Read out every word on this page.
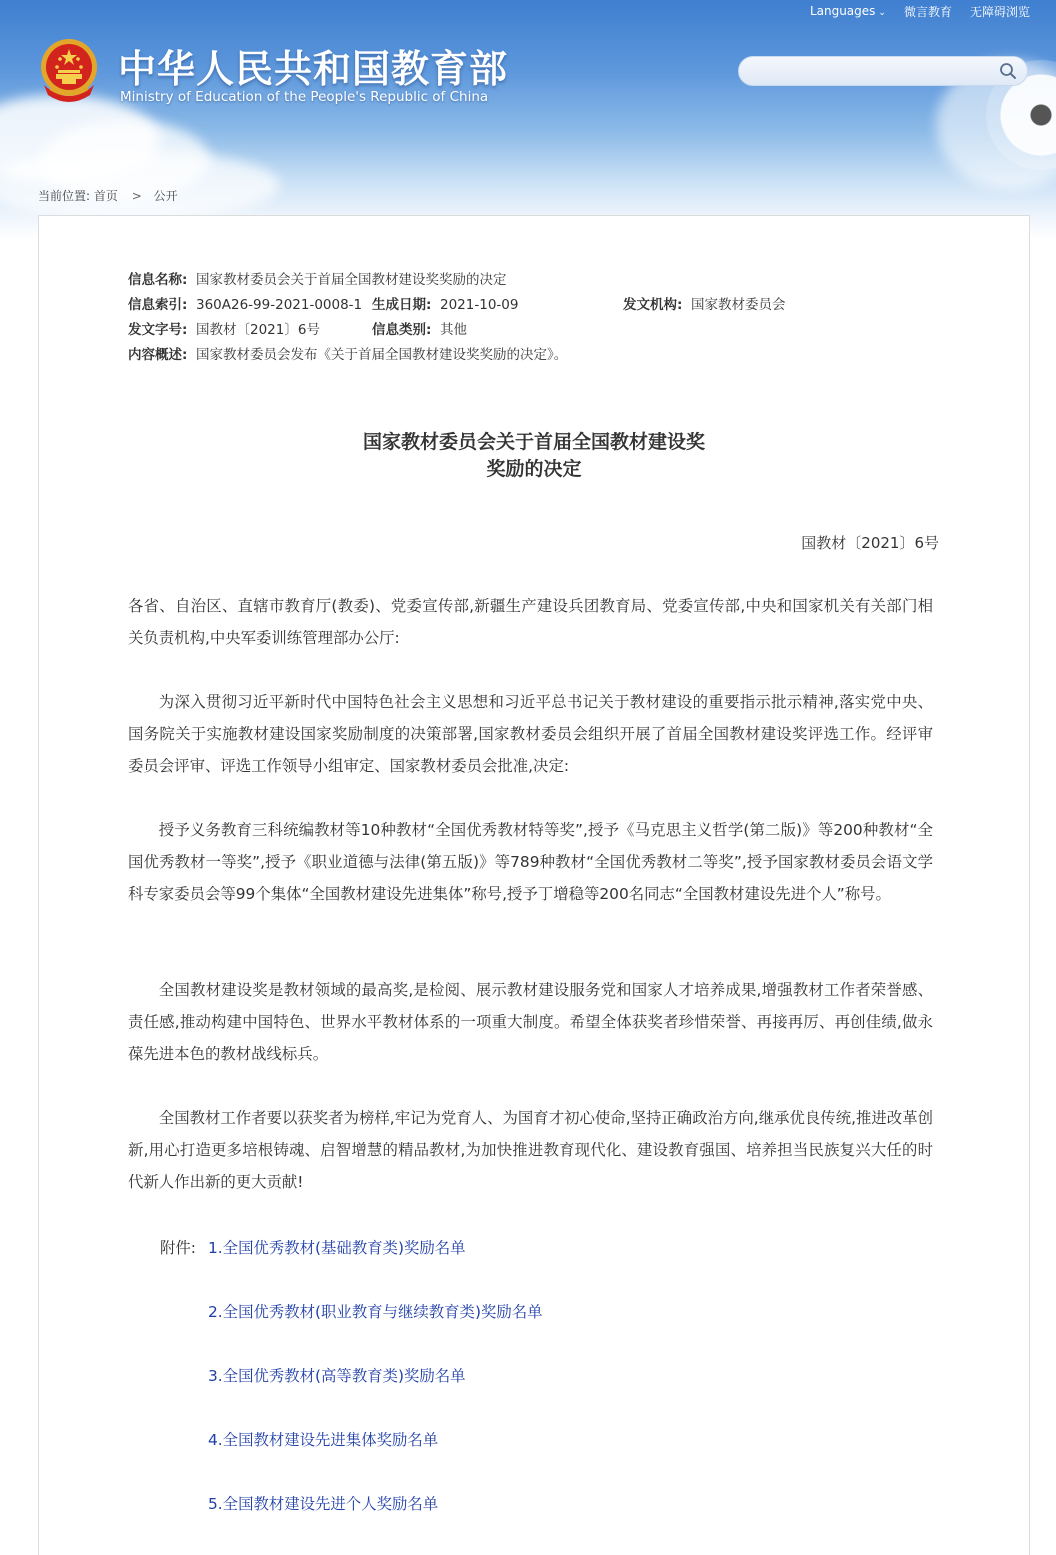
Languages ⌄ 微言教育 无障碍浏览
中华人民共和国教育部
Ministry of Education of the People's Republic of China
当前位置: 首页 > 公开
信息名称: 国家教材委员会关于首届全国教材建设奖奖励的决定
信息索引: 360A26-99-2021-0008-1 生成日期: 2021-10-09	发文机构: 国家教材委员会
发文字号: 国教材〔2021〕6号	信息类别: 其他
内容概述: 国家教材委员会发布《关于首届全国教材建设奖奖励的决定》。
国家教材委员会关于首届全国教材建设奖
奖励的决定
国教材〔2021〕6号

各省、自治区、直辖市教育厅(教委)、党委宣传部,新疆生产建设兵团教育局、党委宣传部,中央和国家机关有关部门相关负责机构,中央军委训练管理部办公厅:

为深入贯彻习近平新时代中国特色社会主义思想和习近平总书记关于教材建设的重要指示批示精神,落实党中央、国务院关于实施教材建设国家奖励制度的决策部署,国家教材委员会组织开展了首届全国教材建设奖评选工作。经评审委员会评审、评选工作领导小组审定、国家教材委员会批准,决定:

授予义务教育三科统编教材等10种教材“全国优秀教材特等奖”,授予《马克思主义哲学(第二版)》等200种教材“全国优秀教材一等奖”,授予《职业道德与法律(第五版)》等789种教材“全国优秀教材二等奖”,授予国家教材委员会语文学科专家委员会等99个集体“全国教材建设先进集体”称号,授予丁增稳等200名同志“全国教材建设先进个人”称号。

全国教材建设奖是教材领域的最高奖,是检阅、展示教材建设服务党和国家人才培养成果,增强教材工作者荣誉感、责任感,推动构建中国特色、世界水平教材体系的一项重大制度。希望全体获奖者珍惜荣誉、再接再厉、再创佳绩,做永葆先进本色的教材战线标兵。

全国教材工作者要以获奖者为榜样,牢记为党育人、为国育才初心使命,坚持正确政治方向,继承优良传统,推进改革创新,用心打造更多培根铸魂、启智增慧的精品教材,为加快推进教育现代化、建设教育强国、培养担当民族复兴大任的时代新人作出新的更大贡献!

附件: 1.全国优秀教材(基础教育类)奖励名单
2.全国优秀教材(职业教育与继续教育类)奖励名单
3.全国优秀教材(高等教育类)奖励名单
4.全国教材建设先进集体奖励名单
5.全国教材建设先进个人奖励名单
